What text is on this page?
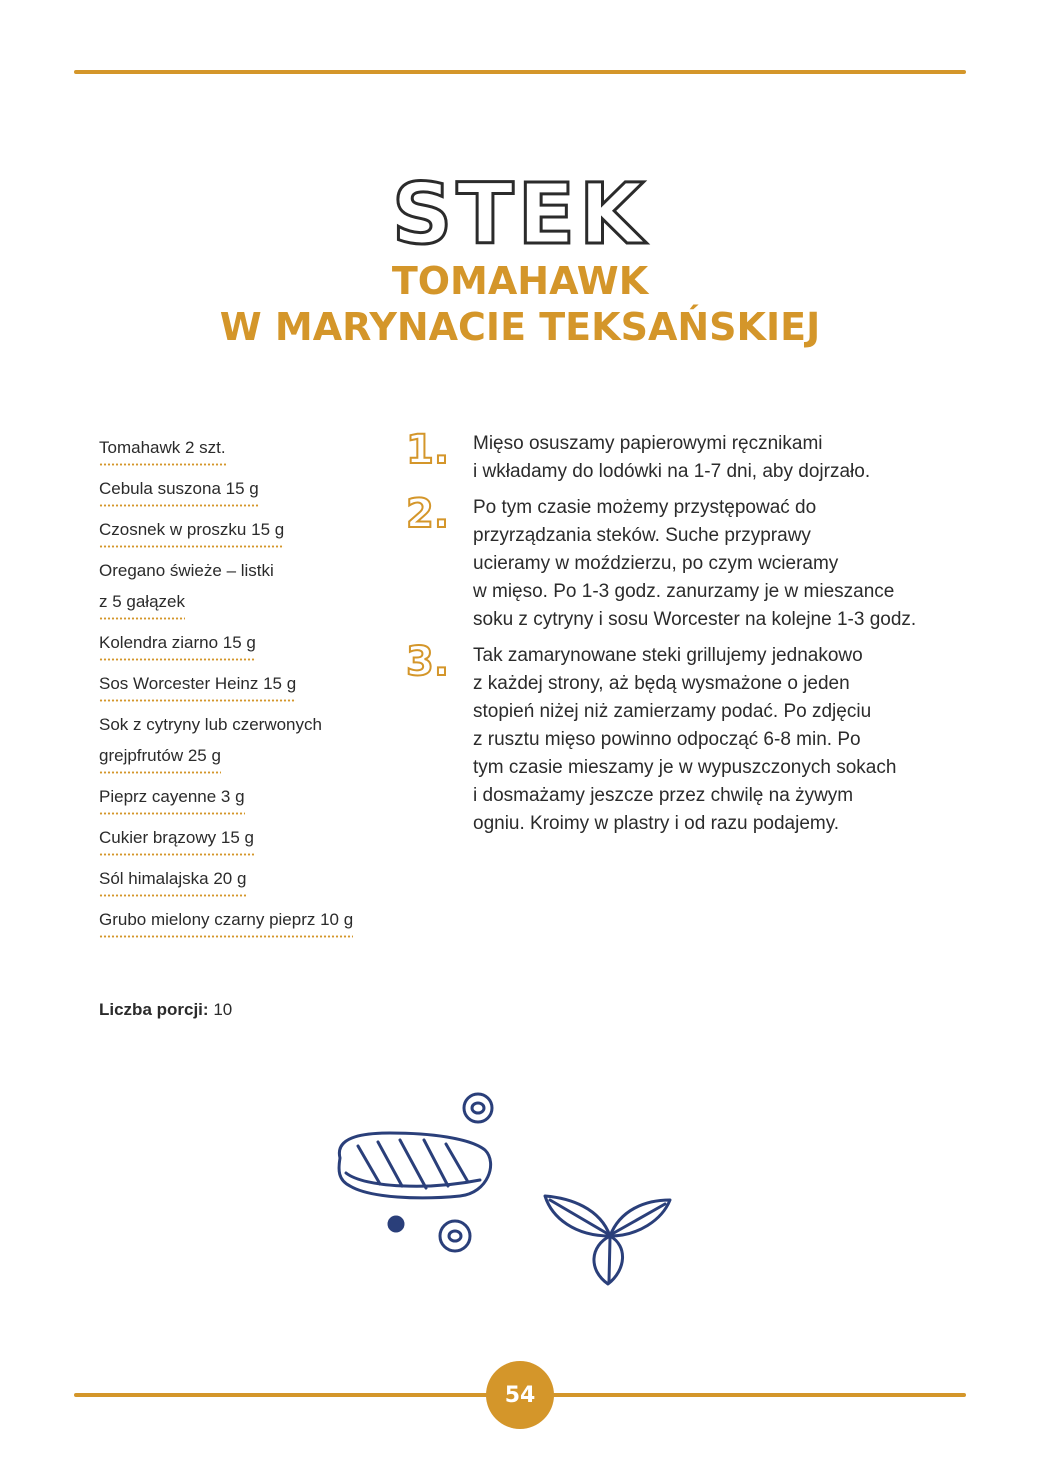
STEK
TOMAHAWK
W MARYNACIE TEKSAŃSKIEJ
Tomahawk 2 szt.
Cebula suszona 15 g
Czosnek w proszku 15 g
Oregano świeże – listki
z 5 gałązek
Kolendra ziarno 15 g
Sos Worcester Heinz 15 g
Sok z cytryny lub czerwonych
grejpfrutów 25 g
Pieprz cayenne 3 g
Cukier brązowy 15 g
Sól himalajska 20 g
Grubo mielony czarny pieprz 10 g
Liczba porcji: 10
1. Mięso osuszamy papierowymi ręcznikami
i wkładamy do lodówki na 1-7 dni, aby dojrzało.
2. Po tym czasie możemy przystępować do
przyrządzania steków. Suche przyprawy
ucieramy w moździerzu, po czym wcieramy
w mięso. Po 1-3 godz. zanurzamy je w mieszance
soku z cytryny i sosu Worcester na kolejne 1-3 godz.
3. Tak zamarynowane steki grillujemy jednakowo
z każdej strony, aż będą wysmażone o jeden
stopień niżej niż zamierzamy podać. Po zdjęciu
z rusztu mięso powinno odpocząć 6-8 min. Po
tym czasie mieszamy je w wypuszczonych sokach
i dosmażamy jeszcze przez chwilę na żywym
ogniu. Kroimy w plastry i od razu podajemy.
54
